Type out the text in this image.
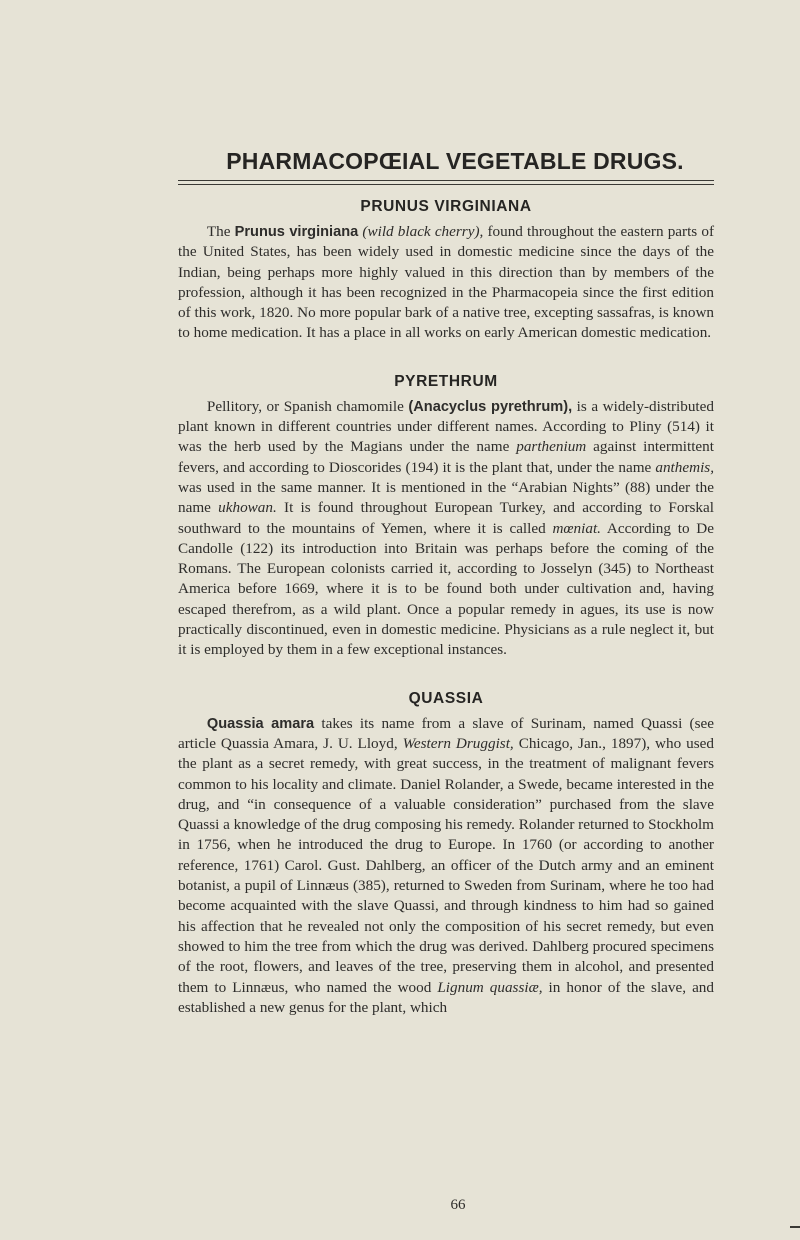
PHARMACOPŒIAL VEGETABLE DRUGS.
PRUNUS VIRGINIANA

The Prunus virginiana (wild black cherry), found throughout the eastern parts of the United States, has been widely used in domestic medicine since the days of the Indian, being perhaps more highly valued in this direction than by members of the profession, although it has been recognized in the Pharmacopeia since the first edition of this work, 1820. No more popular bark of a native tree, excepting sassafras, is known to home medication. It has a place in all works on early American domestic medication.

PYRETHRUM

Pellitory, or Spanish chamomile (Anacyclus pyrethrum), is a widely-distributed plant known in different countries under different names. According to Pliny (514) it was the herb used by the Magians under the name parthenium against intermittent fevers, and according to Dioscorides (194) it is the plant that, under the name anthemis, was used in the same manner. It is mentioned in the “Arabian Nights” (88) under the name ukhowan. It is found throughout European Turkey, and according to Forskal southward to the mountains of Yemen, where it is called mœniat. According to De Candolle (122) its introduction into Britain was perhaps before the coming of the Romans. The European colonists carried it, according to Josselyn (345) to Northeast America before 1669, where it is to be found both under cultivation and, having escaped therefrom, as a wild plant. Once a popular remedy in agues, its use is now practically discontinued, even in domestic medicine. Physicians as a rule neglect it, but it is employed by them in a few exceptional instances.

QUASSIA

Quassia amara takes its name from a slave of Surinam, named Quassi (see article Quassia Amara, J. U. Lloyd, Western Druggist, Chicago, Jan., 1897), who used the plant as a secret remedy, with great success, in the treatment of malignant fevers common to his locality and climate. Daniel Rolander, a Swede, became interested in the drug, and “in consequence of a valuable consideration” purchased from the slave Quassi a knowledge of the drug composing his remedy. Rolander returned to Stockholm in 1756, when he introduced the drug to Europe. In 1760 (or according to another reference, 1761) Carol. Gust. Dahlberg, an officer of the Dutch army and an eminent botanist, a pupil of Linnæus (385), returned to Sweden from Surinam, where he too had become acquainted with the slave Quassi, and through kindness to him had so gained his affection that he revealed not only the composition of his secret remedy, but even showed to him the tree from which the drug was derived. Dahlberg procured specimens of the root, flowers, and leaves of the tree, preserving them in alcohol, and presented them to Linnæus, who named the wood Lignum quassiæ, in honor of the slave, and established a new genus for the plant, which

66
